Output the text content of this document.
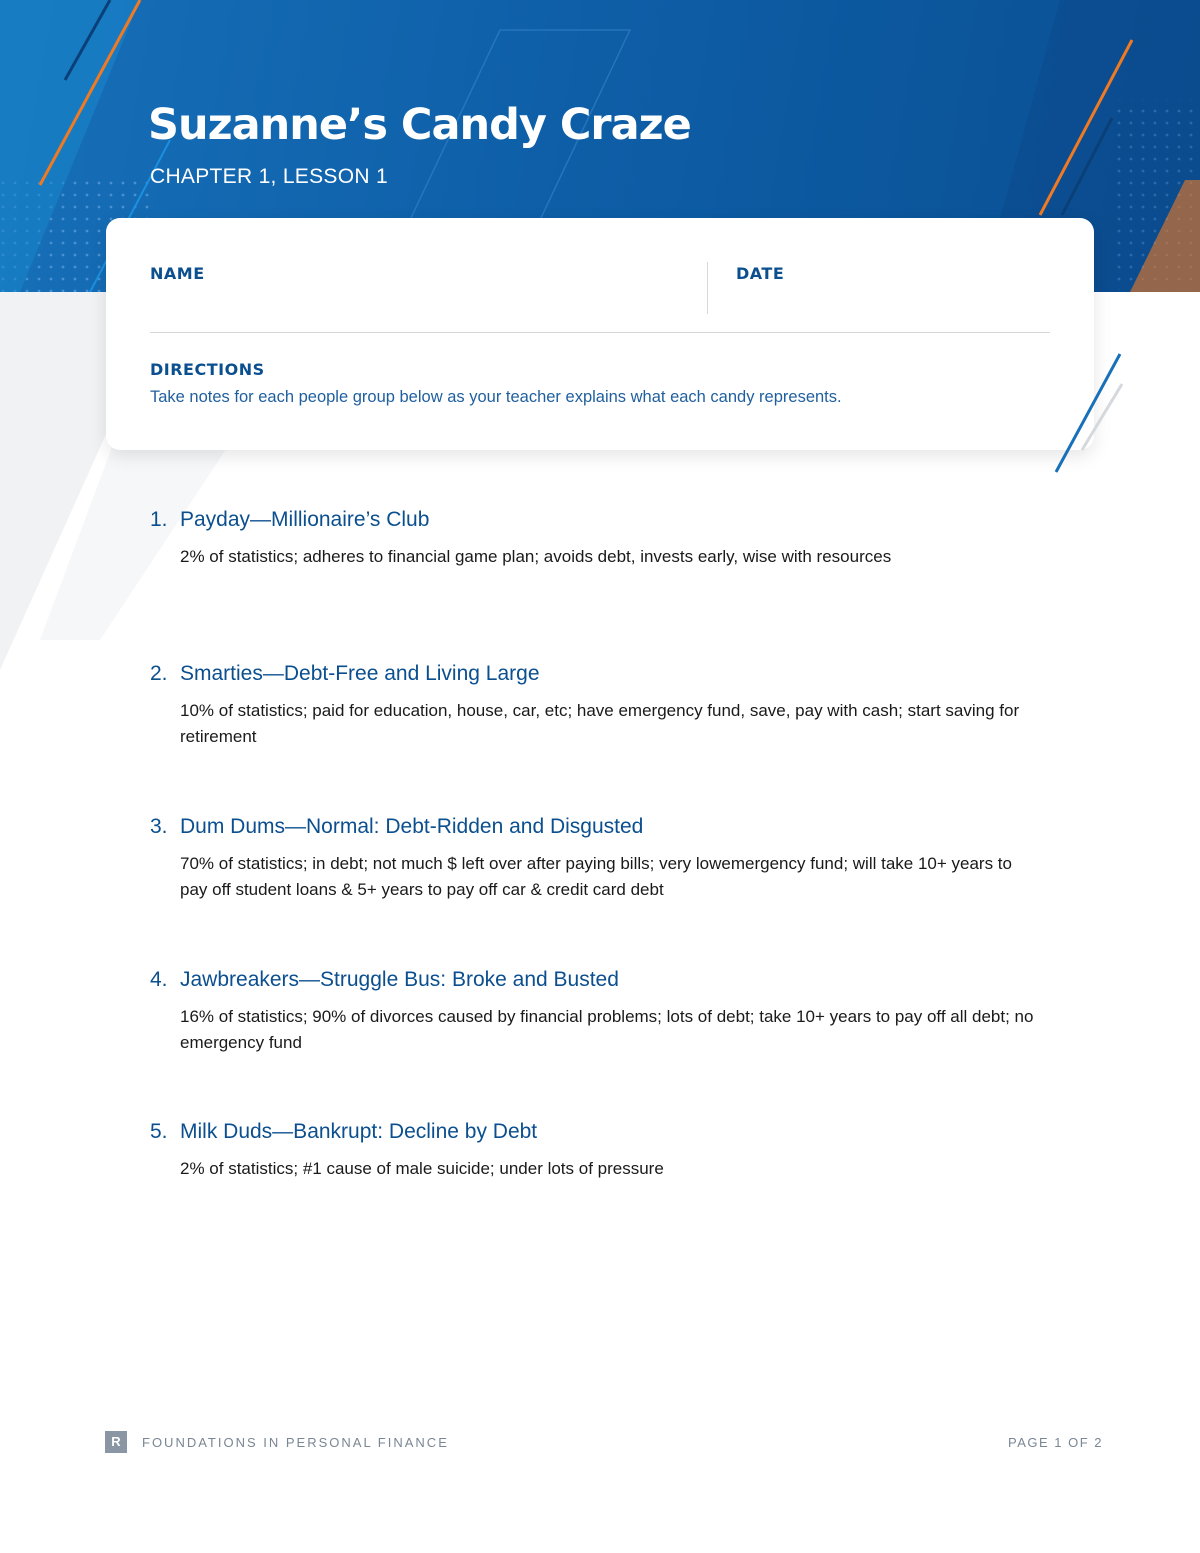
Suzanne’s Candy Craze

CHAPTER 1, LESSON 1

NAME	DATE
DIRECTIONS
Take notes for each people group below as your teacher explains what each candy represents.

1. Payday—Millionaire’s Club

2% of statistics; adheres to financial game plan; avoids debt, invests early, wise with resources

2. Smarties—Debt-Free and Living Large

10% of statistics; paid for education, house, car, etc; have emergency fund, save, pay with cash; start saving for retirement

3. Dum Dums—Normal: Debt-Ridden and Disgusted

70% of statistics; in debt; not much $ left over after paying bills; very lowemergency fund; will take 10+ years to pay off student loans & 5+ years to pay off car & credit card debt

4. Jawbreakers—Struggle Bus: Broke and Busted

16% of statistics; 90% of divorces caused by financial problems; lots of debt; take 10+ years to pay off all debt; no emergency fund

5. Milk Duds—Bankrupt: Decline by Debt

2% of statistics; #1 cause of male suicide; under lots of pressure

R	FOUNDATIONS IN PERSONAL FINANCE	PAGE 1 OF 2
